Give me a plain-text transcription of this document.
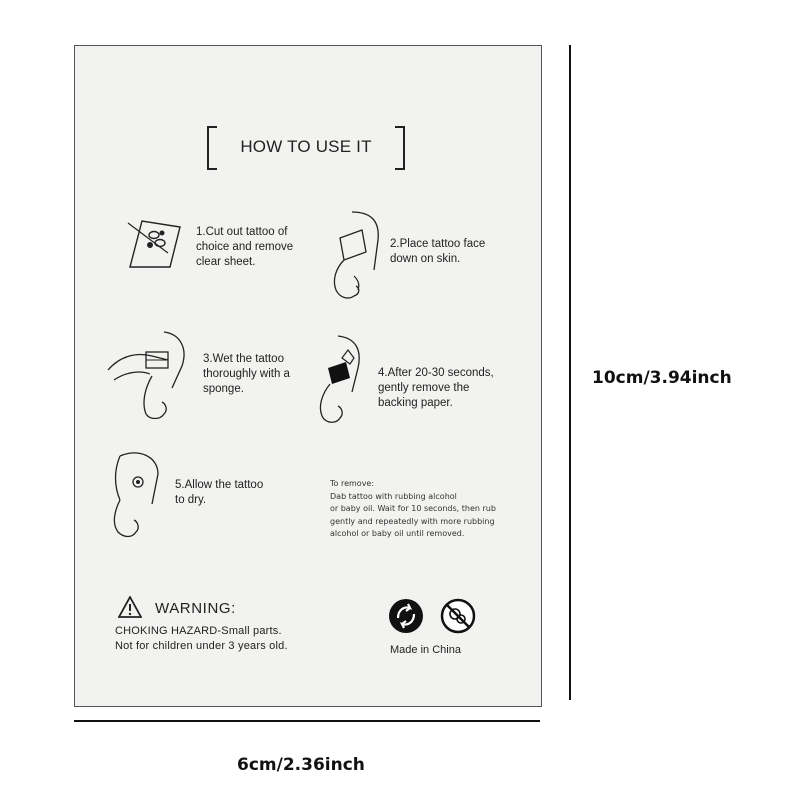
HOW TO USE IT
1.Cut out tattoo of
choice and remove
clear sheet.
2.Place tattoo face
down on skin.
3.Wet the tattoo
thoroughly with a
sponge.
4.After 20-30 seconds,
gently remove the
backing paper.
5.Allow the tattoo
to dry.
To remove:
Dab tattoo with rubbing alcohol
or baby oil. Wait for 10 seconds, then rub
gently and repeatedly with more rubbing
alcohol or baby oil until removed.
WARNING:
CHOKING HAZARD-Small parts.
Not for children under 3 years old.	Made in China
10cm/3.94inch
6cm/2.36inch
